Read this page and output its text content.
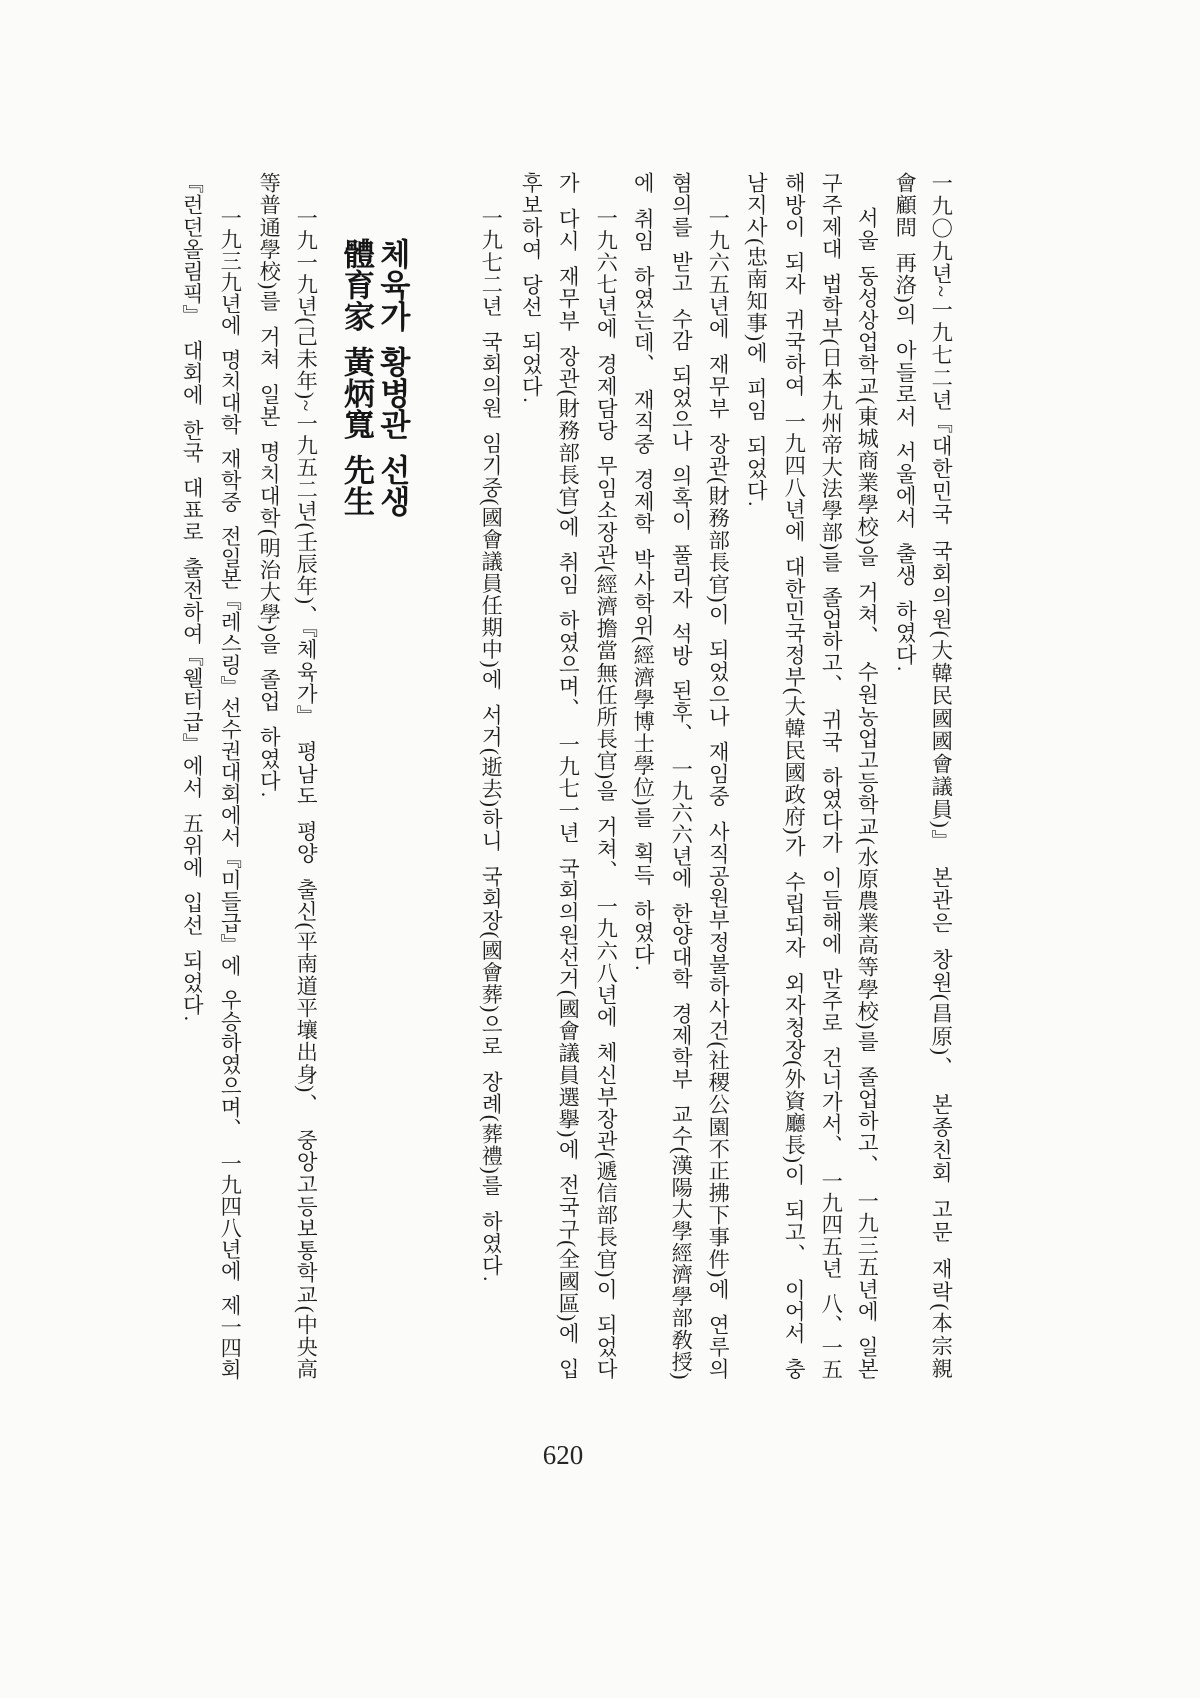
一九〇九년~一九七二년『대한민국 국회의원(大韓民國國會議員)』 본관은 창원(昌原)、 본종친회 고문 재락(本宗親
會顧問 再洛)의 아들로서 서울에서 출생 하였다.
서울 동성상업학교(東城商業學校)을 거쳐、 수원농업고등학교(水原農業高等學校)를 졸업하고、 一九三五년에 일본
구주제대 법학부(日本九州帝大法學部)를 졸업하고、 귀국 하였다가 이듬해에 만주로 건너가서、 一九四五년 八、一五
해방이 되자 귀국하여 一九四八년에 대한민국정부(大韓民國政府)가 수립되자 외자청장(外資廳長)이 되고、 이어서 충
남지사(忠南知事)에 피임 되었다.
一九六五년에 재무부 장관(財務部長官)이 되었으나 재임중 사직공원부정불하사건(社稷公園不正拂下事件)에 연루의
혐의를 받고 수감 되었으나 의혹이 풀리자 석방 된후、 一九六六년에 한양대학 경제학부 교수(漢陽大學經濟學部敎授)
에 취임 하였는데、 재직중 경제학 박사학위(經濟學博士學位)를 획득 하였다.
一九六七년에 경제담당 무임소장관(經濟擔當無任所長官)을 거쳐、 一九六八년에 체신부장관(遞信部長官)이 되었다
가 다시 재무부 장관(財務部長官)에 취임 하였으며、 一九七一년 국회의원선거(國會議員選擧)에 전국구(全國區)에 입
후보하여 당선 되었다.
一九七二년 국회의원 임기중(國會議員任期中)에 서거(逝去)하니 국회장(國會葬)으로 장례(葬禮)를 하였다.
체육가 황병관 선생
體育家 黃炳寬 先生
一九一九년(己未年)~一九五二년(壬辰年)、『체육가』 평남도 평양 출신(平南道平壤出身)、 중앙고등보통학교(中央高
等普通學校)를 거쳐 일본 명치대학(明治大學)을 졸업 하였다.
一九三九년에 명치대학 재학중 전일본『레스링』선수권대회에서『미들급』에 우승하였으며、 一九四八년에 제一四회
『런던올림픽』 대회에 한국 대표로 출전하여『웰터급』에서 五위에 입선 되었다.
620
